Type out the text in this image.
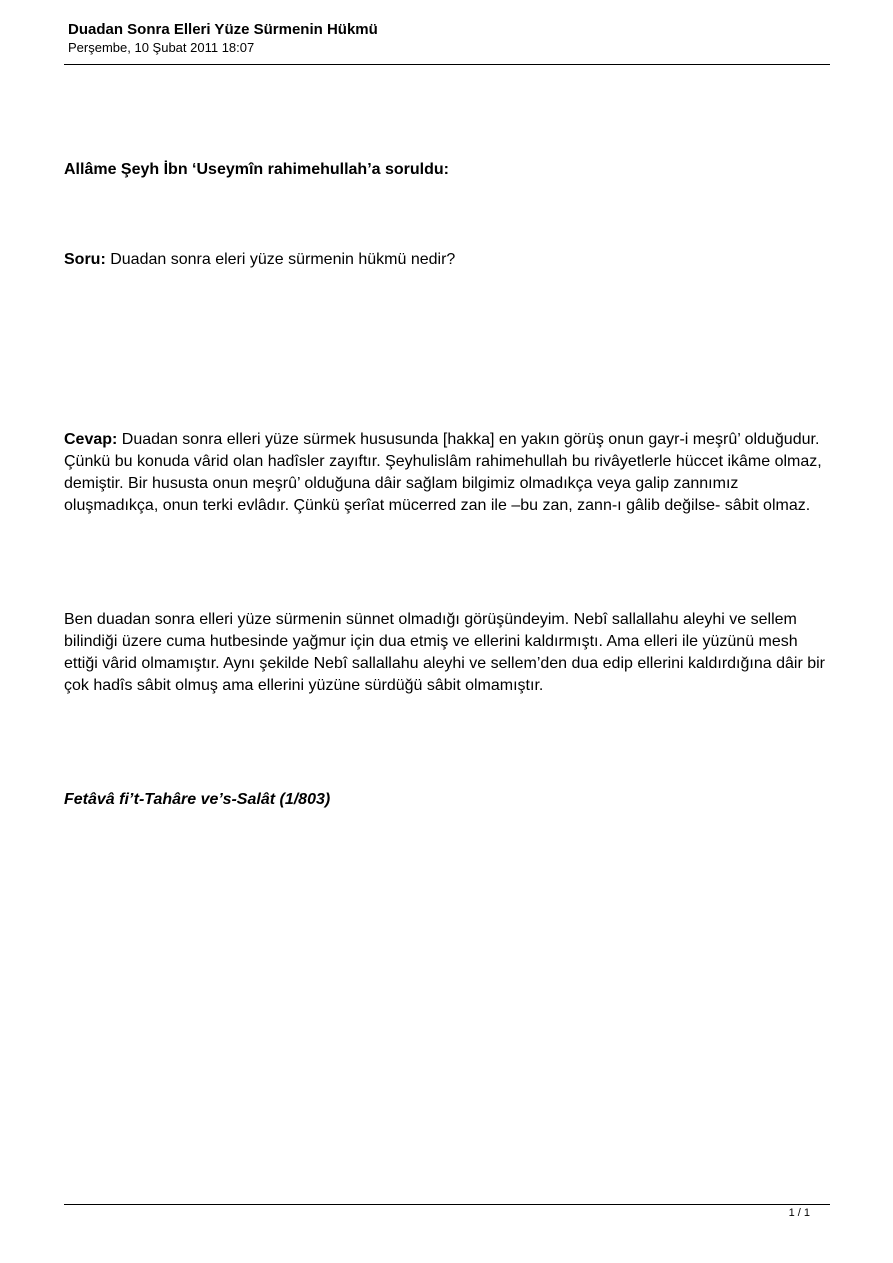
Duadan Sonra Elleri Yüze Sürmenin Hükmü
Perşembe, 10 Şubat 2011 18:07
Allâme Şeyh İbn ‘Useymîn rahimehullah’a soruldu:
Soru: Duadan sonra eleri yüze sürmenin hükmü nedir?
Cevap: Duadan sonra elleri yüze sürmek hususunda [hakka] en yakın görüş onun gayr-i meşrû’ olduğudur. Çünkü bu konuda vârid olan hadîsler zayıftır. Şeyhulislâm rahimehullah bu rivâyetlerle hüccet ikâme olmaz, demiştir. Bir hususta onun meşrû’ olduğuna dâir sağlam bilgimiz olmadıkça veya galip zannımız oluşmadıkça, onun terki evlâdır. Çünkü şerîat mücerred zan ile –bu zan, zann-ı gâlib değilse- sâbit olmaz.
Ben duadan sonra elleri yüze sürmenin sünnet olmadığı görüşündeyim. Nebî sallallahu aleyhi ve sellem bilindiği üzere cuma hutbesinde yağmur için dua etmiş ve ellerini kaldırmıştı. Ama elleri ile yüzünü mesh ettiği vârid olmamıştır. Aynı şekilde Nebî sallallahu aleyhi ve sellem’den dua edip ellerini kaldırdığına dâir bir çok hadîs sâbit olmuş ama ellerini yüzüne sürdüğü sâbit olmamıştır.
Fetâvâ fi’t-Tahâre ve’s-Salât (1/803)
1 / 1
